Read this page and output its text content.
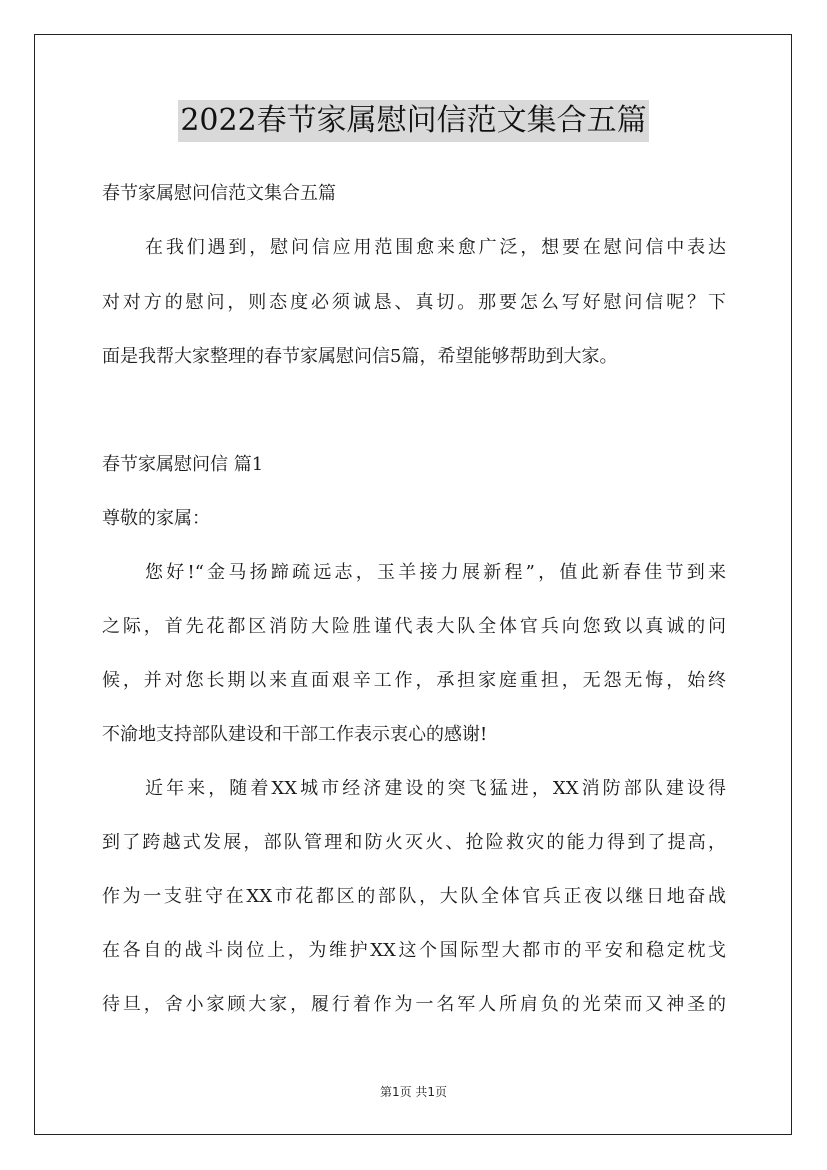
2022春节家属慰问信范文集合五篇
春节家属慰问信范文集合五篇
在我们遇到，慰问信应用范围愈来愈广泛，想要在慰问信中表达
对对方的慰问，则态度必须诚恳、真切。那要怎么写好慰问信呢？下
面是我帮大家整理的春节家属慰问信5篇，希望能够帮助到大家。
春节家属慰问信 篇1
尊敬的家属：
您好!“金马扬蹄疏远志，玉羊接力展新程”，值此新春佳节到来
之际，首先花都区消防大险胜谨代表大队全体官兵向您致以真诚的问
候，并对您长期以来直面艰辛工作，承担家庭重担，无怨无悔，始终
不渝地支持部队建设和干部工作表示衷心的感谢!
近年来，随着XX城市经济建设的突飞猛进，XX消防部队建设得
到了跨越式发展，部队管理和防火灭火、抢险救灾的能力得到了提高，
作为一支驻守在XX市花都区的部队，大队全体官兵正夜以继日地奋战
在各自的战斗岗位上，为维护XX这个国际型大都市的平安和稳定枕戈
待旦，舍小家顾大家，履行着作为一名军人所肩负的光荣而又神圣的
第1页 共1页
